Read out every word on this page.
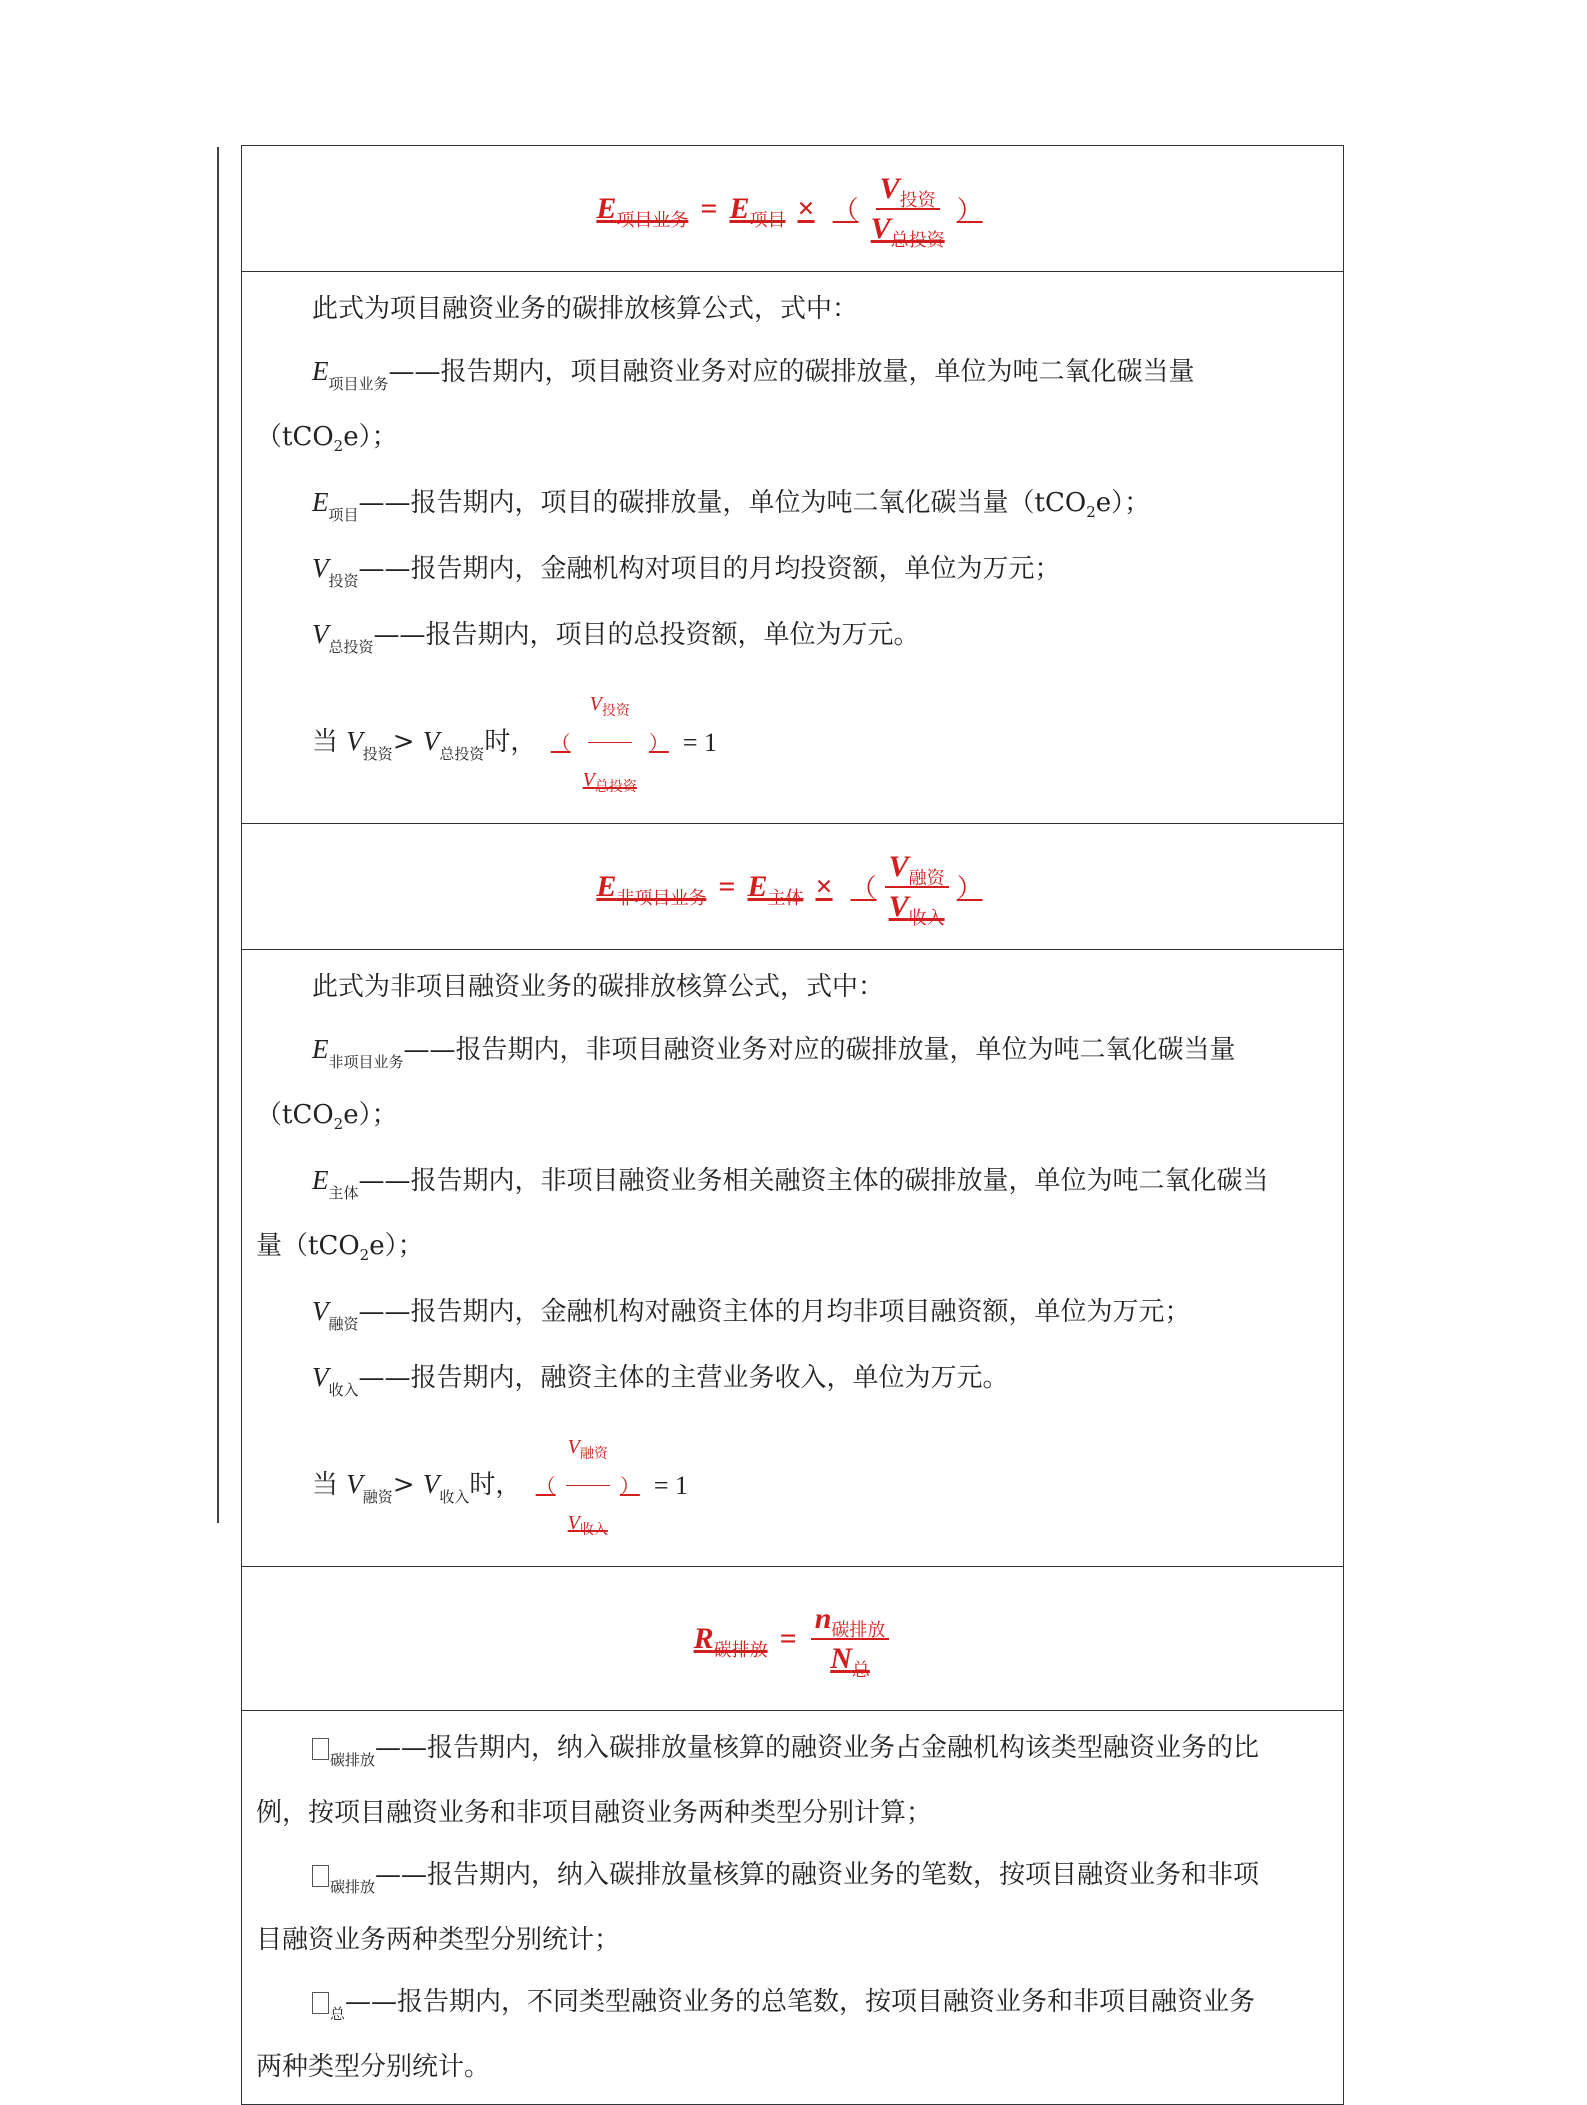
$E_{项目业务} = E_{项目}$ × （ $\frac{V_{投资}}{V_{总投资}}$ ）

此式为项目融资业务的碳排放核算公式，式中：
$E_{项目业务}——$报告期内，项目融资业务对应的碳排放量，单位为吨二氧化碳当量
（tCO$_2$e）；
$E_{项目}——$报告期内，项目的碳排放量，单位为吨二氧化碳当量（tCO$_2$e）；
$V_{投资}——$报告期内，金融机构对项目的月均投资额，单位为万元；
$V_{总投资}——$报告期内，项目的总投资额，单位为万元。
当 $V_{投资}> V_{总投资}$时， （ $\frac{V_{投资}}{V_{总投资}}$ ） = 1

$E_{非项目业务} = E_{主体}$ × （ $\frac{V_{融资}}{V_{收入}}$ ）

此式为非项目融资业务的碳排放核算公式，式中：
$E_{非项目业务}——$报告期内，非项目融资业务对应的碳排放量，单位为吨二氧化碳当量
（tCO$_2$e）；
$E_{主体}——$报告期内，非项目融资业务相关融资主体的碳排放量，单位为吨二氧化碳当
量（tCO$_2$e）；
$V_{融资}——$报告期内，金融机构对融资主体的月均非项目融资额，单位为万元；
$V_{收入}——$报告期内，融资主体的主营业务收入，单位为万元。
当 $V_{融资}> V_{收入}$时， （ $\frac{V_{融资}}{V_{收入}}$ ） = 1

$R_{碳排放} = \frac{n_{碳排放}}{N_总}$

$_{碳排放}$——报告期内，纳入碳排放量核算的融资业务占金融机构该类型融资业务的比
例，按项目融资业务和非项目融资业务两种类型分别计算；
$_{碳排放}$——报告期内，纳入碳排放量核算的融资业务的笔数，按项目融资业务和非项
目融资业务两种类型分别统计；
$_总$——报告期内，不同类型融资业务的总笔数，按项目融资业务和非项目融资业务
两种类型分别统计。
